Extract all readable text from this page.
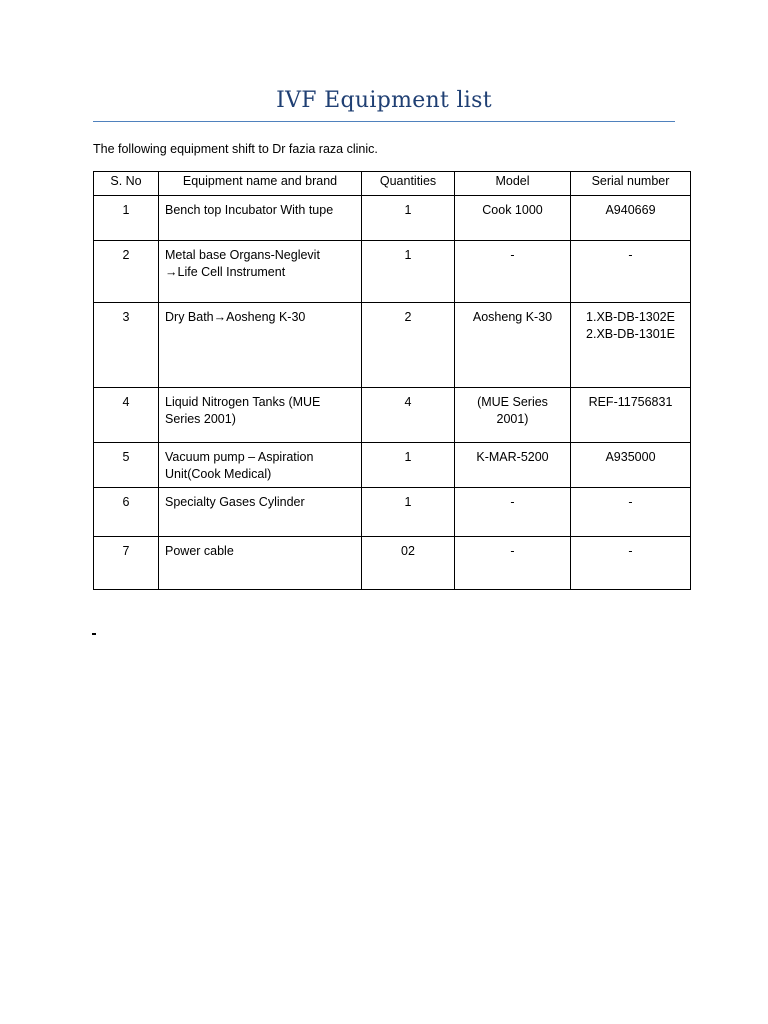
IVF Equipment list
The following equipment shift to Dr fazia raza clinic.
S. No	Equipment name and brand	Quantities	Model	Serial number
1	Bench top Incubator With tupe	1	Cook 1000	A940669

2	Metal base Organs-Neglevit
→Life Cell Instrument	1	-	-

3	Dry Bath→Aosheng K-30	2	Aosheng K-30	1.XB-DB-1302E
2.XB-DB-1301E

4	Liquid Nitrogen Tanks (MUE
Series 2001)	4	(MUE Series
2001)	REF-11756831

5	Vacuum pump – Aspiration
Unit(Cook Medical)	1	K-MAR-5200	A935000

6	Specialty Gases Cylinder	1	-	-

7	Power cable	02	-	-
